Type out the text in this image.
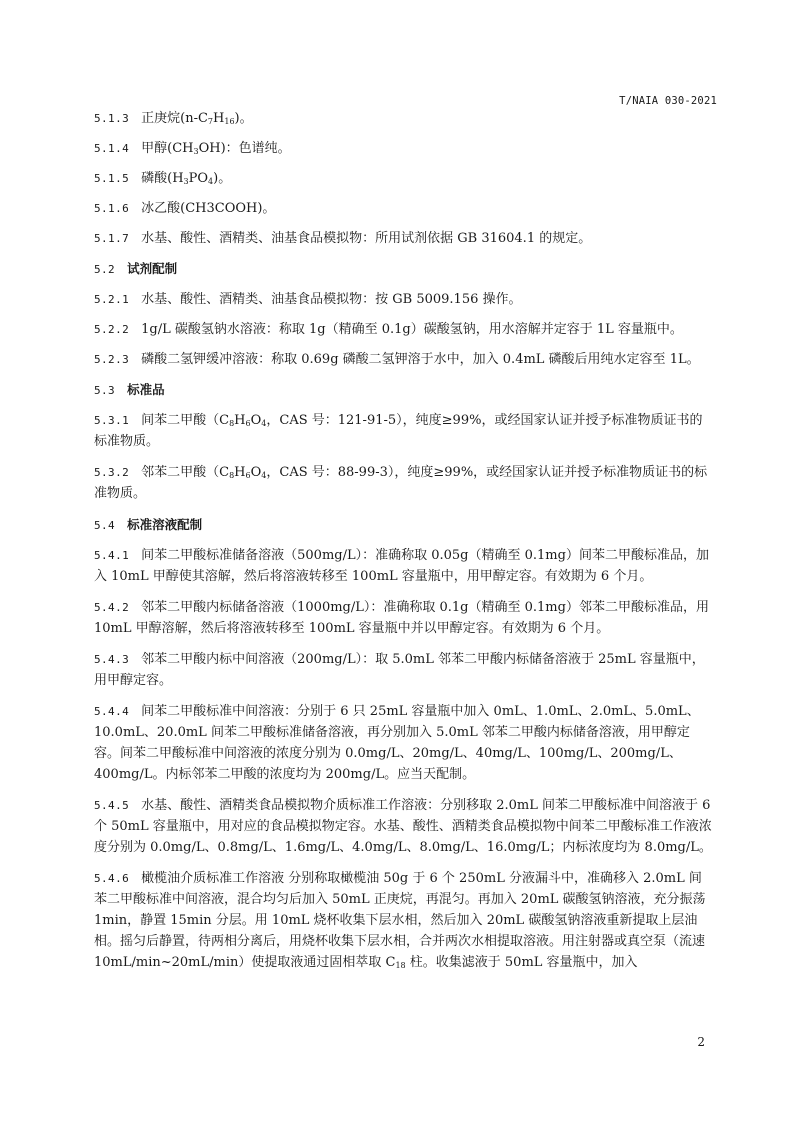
T/NAIA 030-2021

5.1.3 正庚烷$(n-C_7H_{16})$。

5.1.4 甲醇$(CH_3OH)$：色谱纯。

5.1.5 磷酸$(H_3PO_4)$。

5.1.6 冰乙酸(CH3COOH)。

5.1.7 水基、酸性、酒精类、油基食品模拟物：所用试剂依据 GB 31604.1 的规定。

5.2 试剂配制

5.2.1 水基、酸性、酒精类、油基食品模拟物：按 GB 5009.156 操作。

5.2.2 1g/L 碳酸氢钠水溶液：称取 1g（精确至 0.1g）碳酸氢钠，用水溶解并定容于 1L 容量瓶中。

5.2.3 磷酸二氢钾缓冲溶液：称取 0.69g 磷酸二氢钾溶于水中，加入 0.4mL 磷酸后用纯水定容至 1L。

5.3 标准品

5.3.1 间苯二甲酸（$C_8H_6O_4$，CAS 号：121-91-5），纯度≥99%，或经国家认证并授予标准物质证书的标准物质。

5.3.2 邻苯二甲酸（$C_8H_6O_4$，CAS 号：88-99-3），纯度≥99%，或经国家认证并授予标准物质证书的标准物质。

5.4 标准溶液配制

5.4.1 间苯二甲酸标准储备溶液（500mg/L）：准确称取 0.05g（精确至 0.1mg）间苯二甲酸标准品，加入 10mL 甲醇使其溶解，然后将溶液转移至 100mL 容量瓶中，用甲醇定容。有效期为 6 个月。

5.4.2 邻苯二甲酸内标储备溶液（1000mg/L）：准确称取 0.1g（精确至 0.1mg）邻苯二甲酸标准品，用 10mL 甲醇溶解，然后将溶液转移至 100mL 容量瓶中并以甲醇定容。有效期为 6 个月。

5.4.3 邻苯二甲酸内标中间溶液（200mg/L）：取 5.0mL 邻苯二甲酸内标储备溶液于 25mL 容量瓶中，用甲醇定容。

5.4.4 间苯二甲酸标准中间溶液：分别于 6 只 25mL 容量瓶中加入 0mL、1.0mL、2.0mL、5.0mL、10.0mL、20.0mL 间苯二甲酸标准储备溶液，再分别加入 5.0mL 邻苯二甲酸内标储备溶液，用甲醇定容。间苯二甲酸标准中间溶液的浓度分别为 0.0mg/L、20mg/L、40mg/L、100mg/L、200mg/L、400mg/L。内标邻苯二甲酸的浓度均为 200mg/L。应当天配制。

5.4.5 水基、酸性、酒精类食品模拟物介质标准工作溶液：分别移取 2.0mL 间苯二甲酸标准中间溶液于 6 个 50mL 容量瓶中，用对应的食品模拟物定容。水基、酸性、酒精类食品模拟物中间苯二甲酸标准工作液浓度分别为 0.0mg/L、0.8mg/L、1.6mg/L、4.0mg/L、8.0mg/L、16.0mg/L；内标浓度均为 8.0mg/L。

5.4.6 橄榄油介质标准工作溶液 分别称取橄榄油 50g 于 6 个 250mL 分液漏斗中，准确移入 2.0mL 间苯二甲酸标准中间溶液，混合均匀后加入 50mL 正庚烷，再混匀。再加入 20mL 碳酸氢钠溶液，充分振荡 1min，静置 15min 分层。用 10mL 烧杯收集下层水相，然后加入 20mL 碳酸氢钠溶液重新提取上层油相。摇匀后静置，待两相分离后，用烧杯收集下层水相，合并两次水相提取溶液。用注射器或真空泵（流速 10mL/min~20mL/min）使提取液通过固相萃取 $C_{18}$ 柱。收集滤液于 50mL 容量瓶中，加入

2
